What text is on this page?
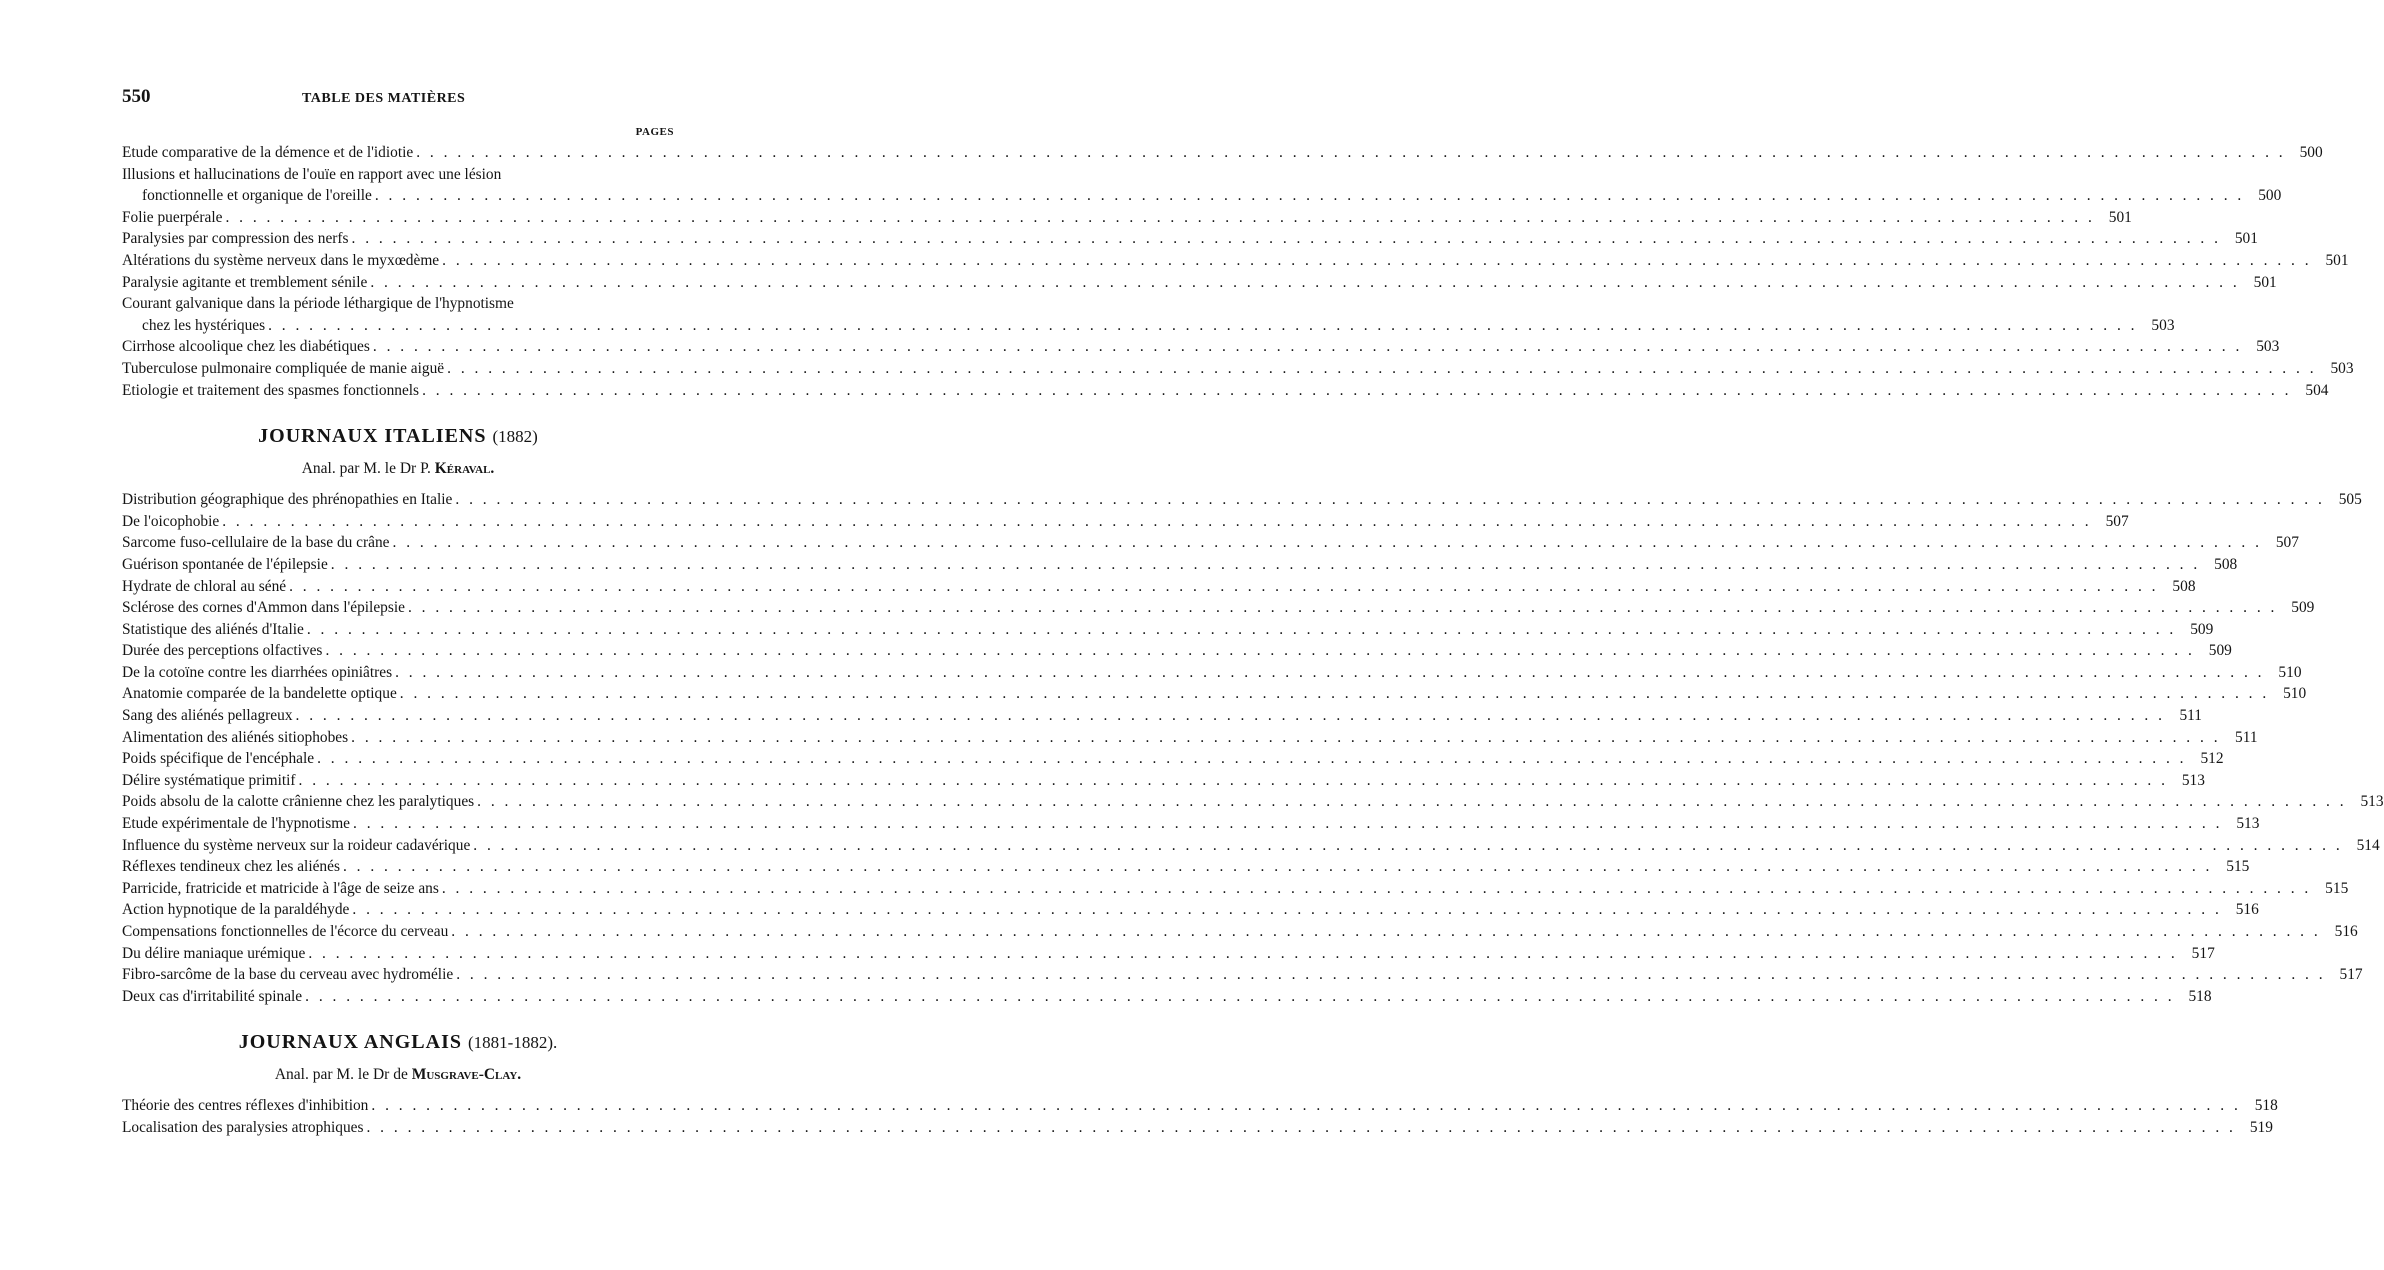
550	TABLE DES MATIÈRES
PAGES
Etude comparative de la démence et de l'idiotie . . .	500
Illusions et hallucinations de l'ouïe en rapport avec une lésion
fonctionnelle et organique de l'oreille . . .	500
Folie puerpérale . . .	501
Paralysies par compression des nerfs . . .	501
Altérations du système nerveux dans le myxœdème . . .	501
Paralysie agitante et tremblement sénile . . .	501
Courant galvanique dans la période léthargique de l'hypnotisme
chez les hystériques . . .	503
Cirrhose alcoolique chez les diabétiques . . .	503
Tuberculose pulmonaire compliquée de manie aiguë . . .	503
Etiologie et traitement des spasmes fonctionnels . . .	504
JOURNAUX ITALIENS (1882)
Anal. par M. le Dr P. Kéraval.
Distribution géographique des phrénopathies en Italie . . .	505
De l'oicophobie . . .	507
Sarcome fuso-cellulaire de la base du crâne . . .	507
Guérison spontanée de l'épilepsie . . .	508
Hydrate de chloral au séné . . .	508
Sclérose des cornes d'Ammon dans l'épilepsie . . .	509
Statistique des aliénés d'Italie . . .	509
Durée des perceptions olfactives . . .	509
De la cotoïne contre les diarrhées opiniâtres . . .	510
Anatomie comparée de la bandelette optique . . .	510
Sang des aliénés pellagreux . . .	511
Alimentation des aliénés sitiophobes . . .	511
Poids spécifique de l'encéphale . . .	512
Délire systématique primitif . . .	513
Poids absolu de la calotte crânienne chez les paralytiques . . .	513
Etude expérimentale de l'hypnotisme . . .	513
Influence du système nerveux sur la roideur cadavérique . . .	514
Réflexes tendineux chez les aliénés . . .	515
Parricide, fratricide et matricide à l'âge de seize ans . . .	515
Action hypnotique de la paraldéhyde . . .	516
Compensations fonctionnelles de l'écorce du cerveau . . .	516
Du délire maniaque urémique . . .	517
Fibro-sarcôme de la base du cerveau avec hydromélie . . .	517
Deux cas d'irritabilité spinale . . .	518
JOURNAUX ANGLAIS (1881-1882).
Anal. par M. le Dr de Musgrave-Clay.
Théorie des centres réflexes d'inhibition . . .	518
Localisation des paralysies atrophiques . . .	519
